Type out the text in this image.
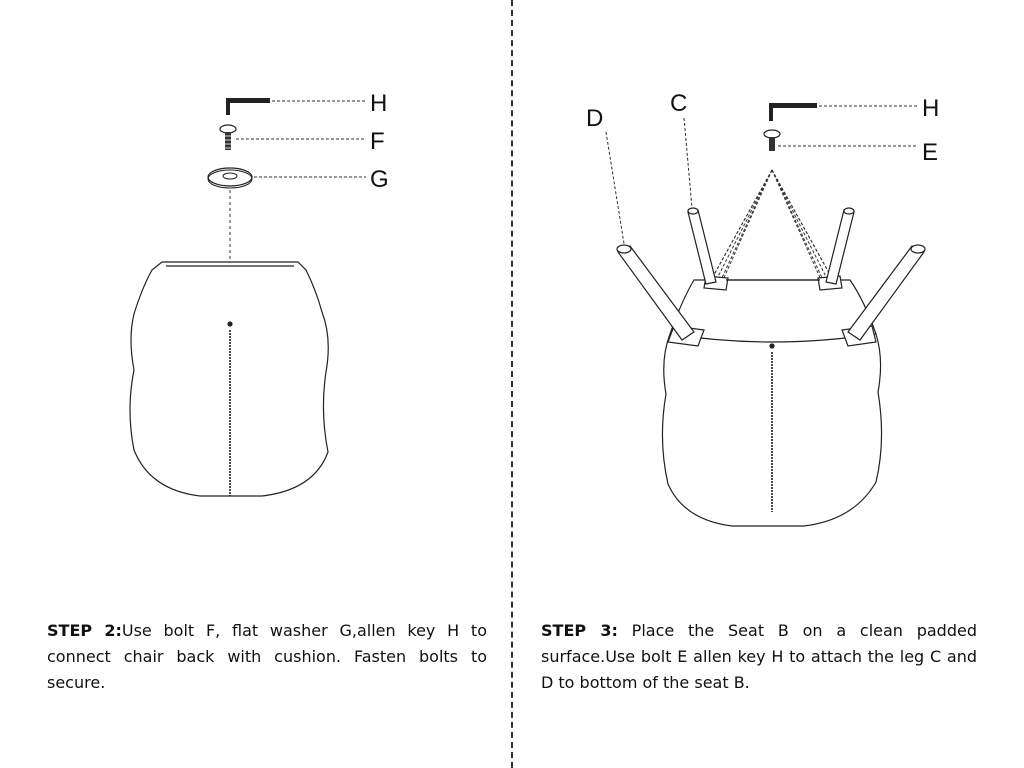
H
F
G
D
C	H
E
STEP 2:Use bolt F, flat washer G,allen key H to connect chair back with cushion. Fasten bolts to secure.
STEP 3: Place the Seat B on a clean padded surface.Use bolt E allen key H to attach the leg C and D to bottom of the seat B.
